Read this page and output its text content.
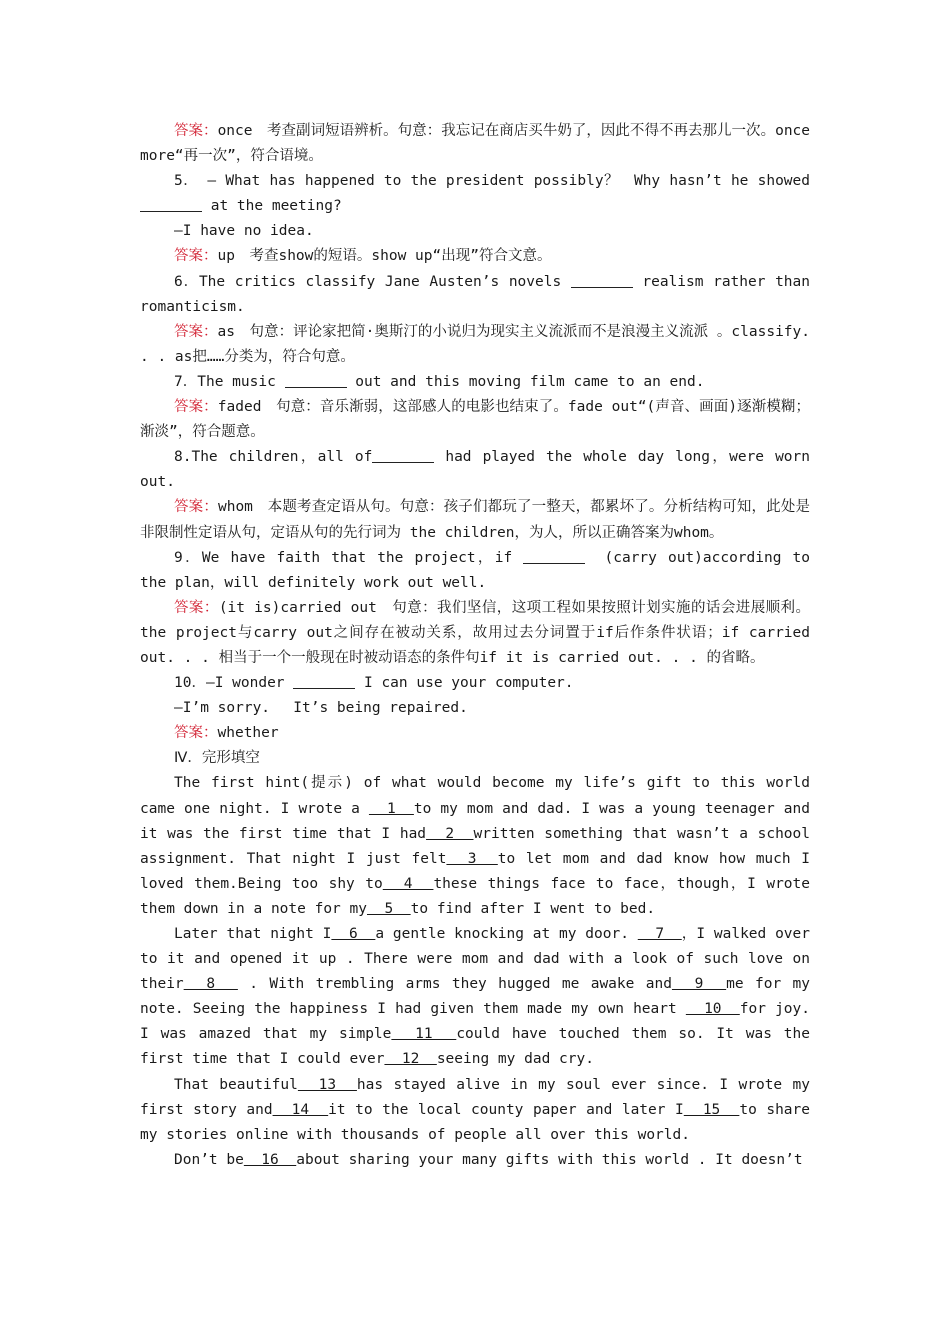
答案：once　考查副词短语辨析。句意：我忘记在商店买牛奶了，因此不得不再去那儿一次。once more“再一次”，符合语境。

5． — What has happened to the president possibly？　Why hasn’t he showed at the meeting?

—I have no idea.

答案：up　考查show的短语。show up“出现”符合文意。

6．The critics classify Jane Austen’s novels	realism rather than romanticism.

答案：as　句意：评论家把简·奥斯汀的小说归为现实主义流派而不是浪漫主义流派 。classify. . . as把……分类为，符合句意。

7．The music	out and this moving film came to an end.

答案：faded　句意：音乐渐弱，这部感人的电影也结束了。fade out“(声音、画面)逐渐模糊；渐淡”，符合题意。

8.The children，all of	had played the whole day long，were worn out.

答案：whom　本题考查定语从句。句意：孩子们都玩了一整天，都累坏了。分析结构可知，此处是非限制性定语从句，定语从句的先行词为 the children，为人，所以正确答案为whom。

9．We have faith that the project，if	　(carry out)according to the plan，will definitely work out well.

答案：(it is)carried out　句意：我们坚信，这项工程如果按照计划实施的话会进展顺利。the project与carry out之间存在被动关系，故用过去分词置于if后作条件状语；if carried out. . . 相当于一个一般现在时被动语态的条件句if it is carried out. . . 的省略。

10．—I wonder	I can use your computer.

—I’m sorry.　 It’s being repaired.

答案：whether

Ⅳ．完形填空

The first hint(提示) of what would become my life’s gift to this world came one night. I wrote a   1  to my mom and dad. I was a young teenager and it was the first time that I had  2  written something that wasn’t a school assignment. That night I just felt  3  to let mom and dad know how much I loved them.Being too shy to  4  these things face to face，though，I wrote them down in a note for my  5  to find after I went to bed.

Later that night I  6  a gentle knocking at my door.   7  ，I walked over to it and opened it up . There were mom and dad with a look of such love on their  8   . With trembling arms they hugged me awake and  9  me for my note. Seeing the happiness I had given them made my own heart   10  for joy. I was amazed that my simple  11  could have touched them so. It was the first time that I could ever  12  seeing my dad cry.

That beautiful  13  has stayed alive in my soul ever since. I wrote my first story and  14  it to the local county paper and later I  15  to share my stories online with thousands of people all over this world.

Don’t be  16  about sharing your many gifts with this world . It doesn’t
